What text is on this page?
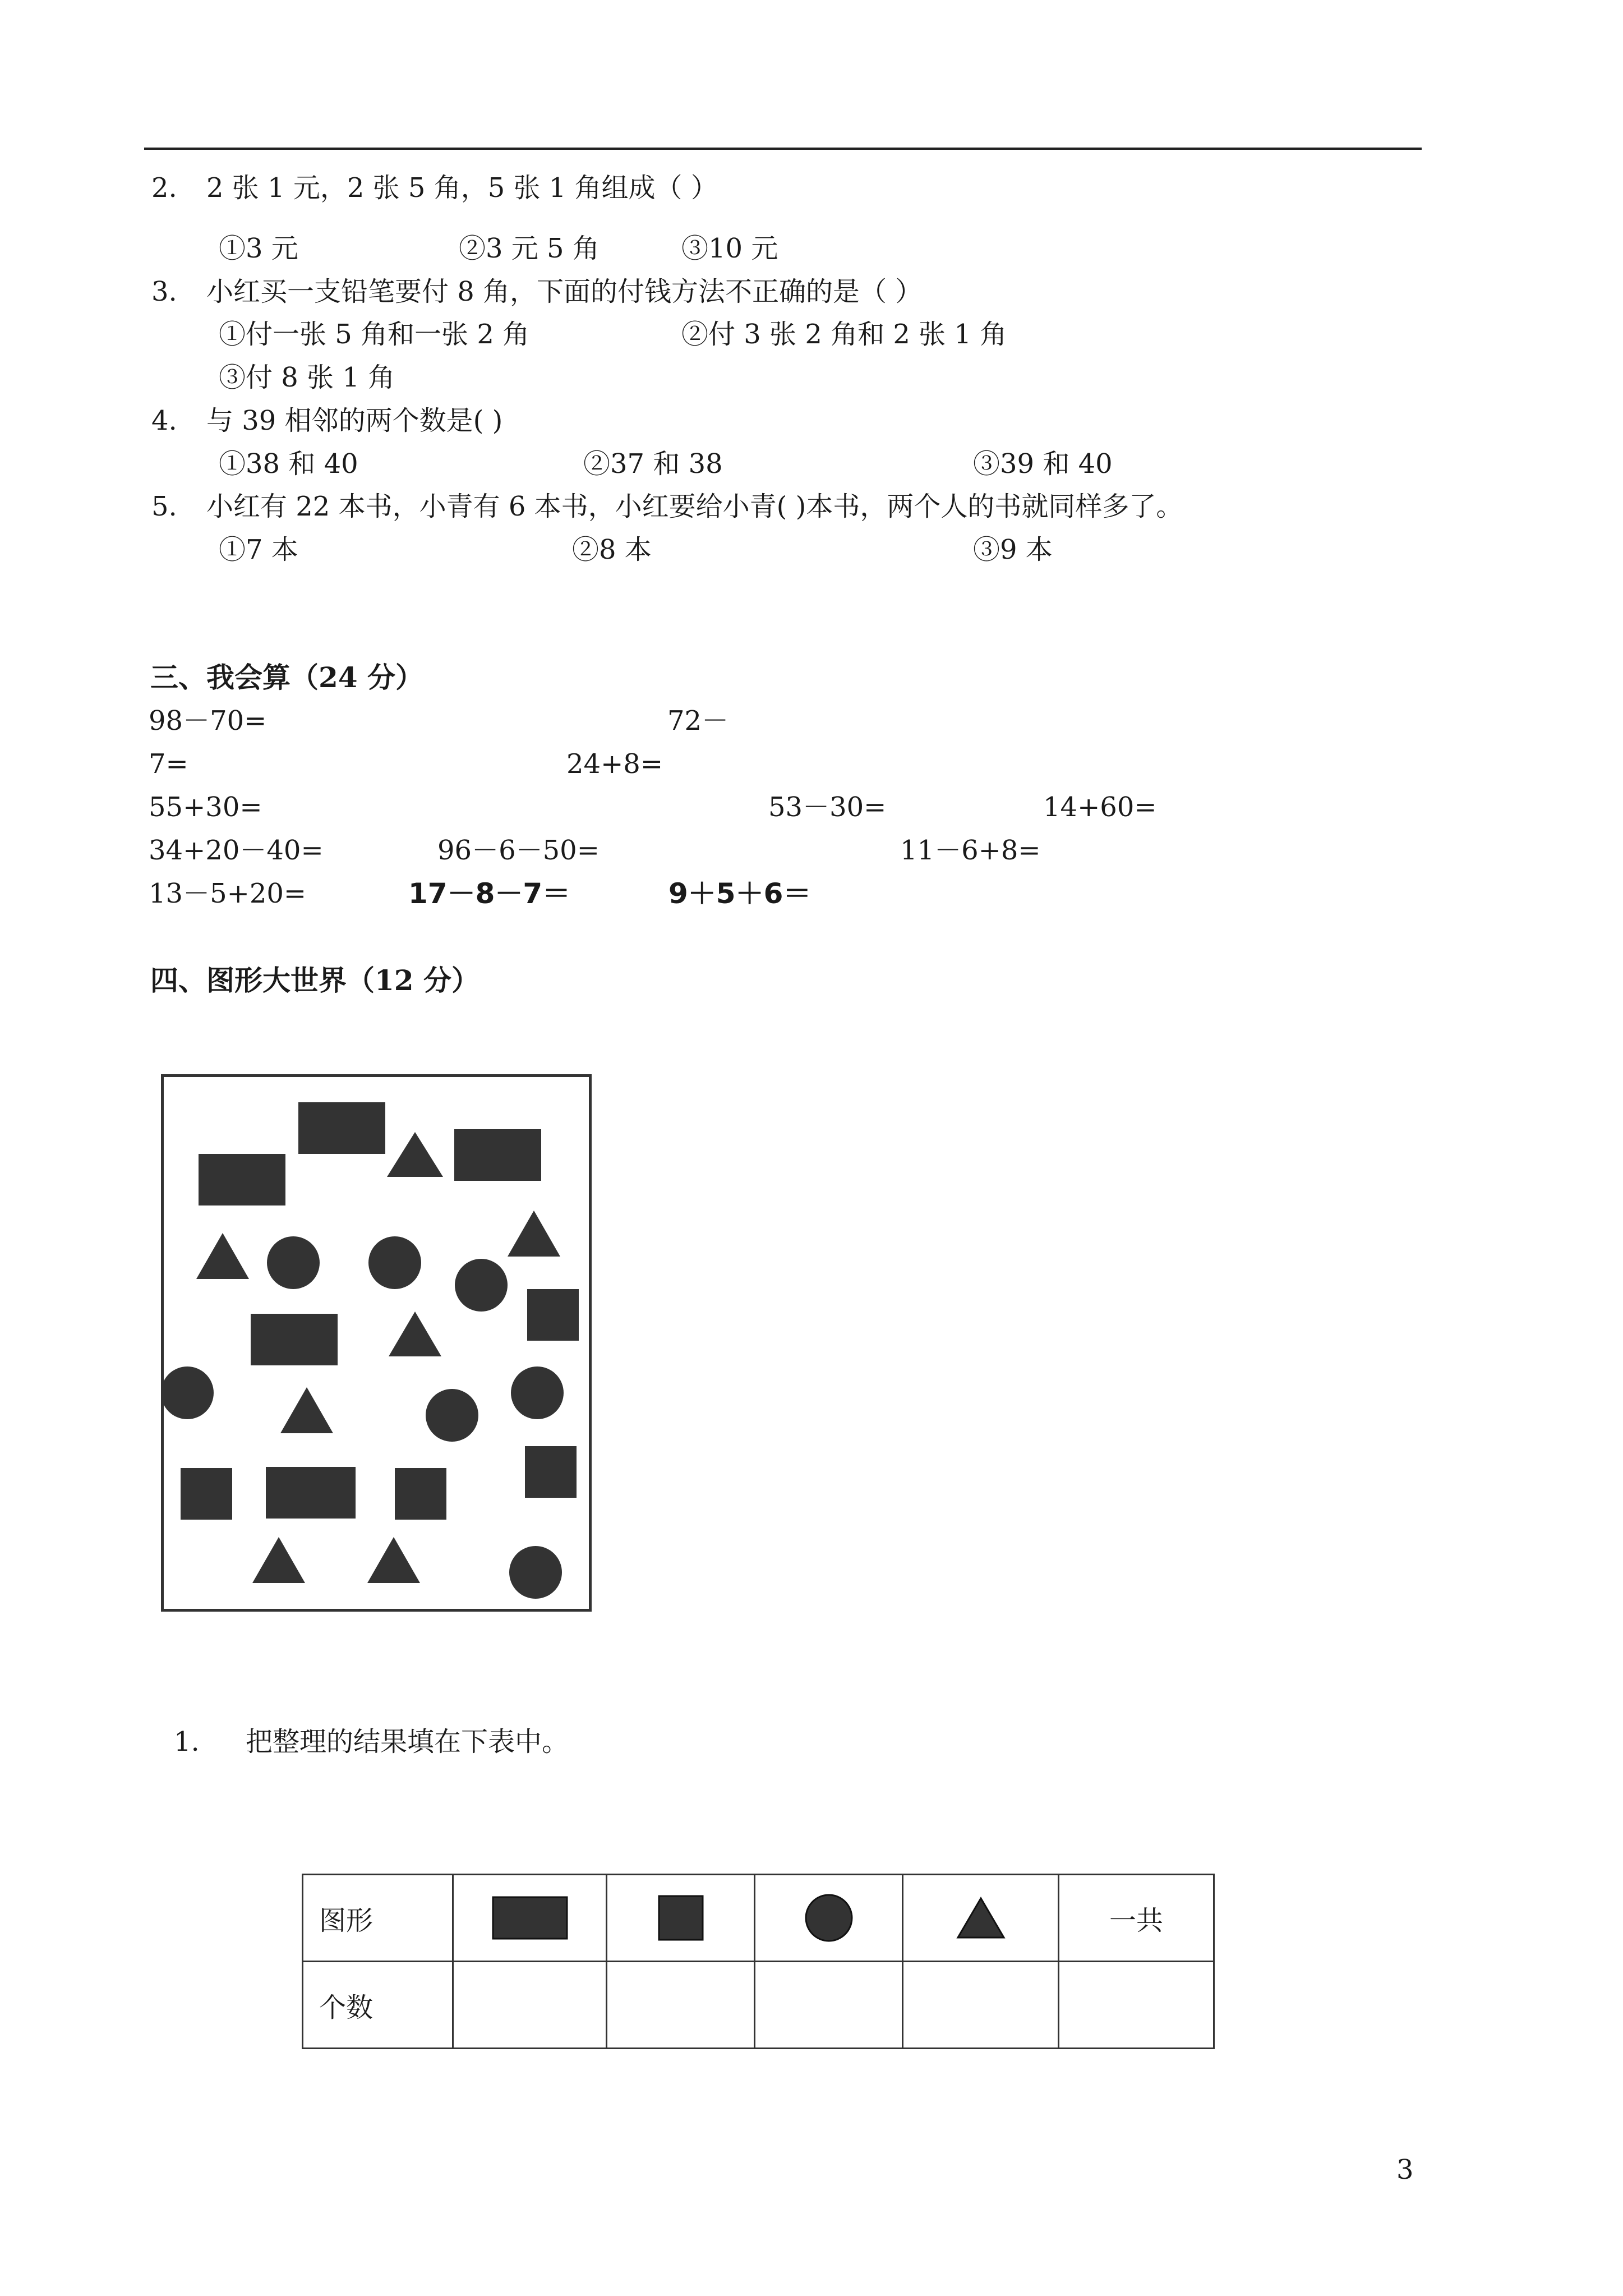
2. 2 张 1 元，2 张 5 角，5 张 1 角组成（ ）
①3 元	②3 元 5 角	③10 元
3. 小红买一支铅笔要付 8 角，下面的付钱方法不正确的是（ ）
①付一张 5 角和一张 2 角	②付 3 张 2 角和 2 张 1 角
③付 8 张 1 角
4. 与 39 相邻的两个数是( )
①38 和 40	②37 和 38	③39 和 40
5. 小红有 22 本书，小青有 6 本书，小红要给小青( )本书，两个人的书就同样多了。
①7 本	②8 本	③9 本
三、我会算（24 分）
98－70=	72－
7=	24+8=
55+30=	53－30=	14+60=
34+20－40=	96－6－50=	11－6+8=
13－5+20=	17－8－7＝	9＋5＋6＝
四、图形大世界（12 分）
1. 把整理的结果填在下表中。
图形					一共
个数					
3
